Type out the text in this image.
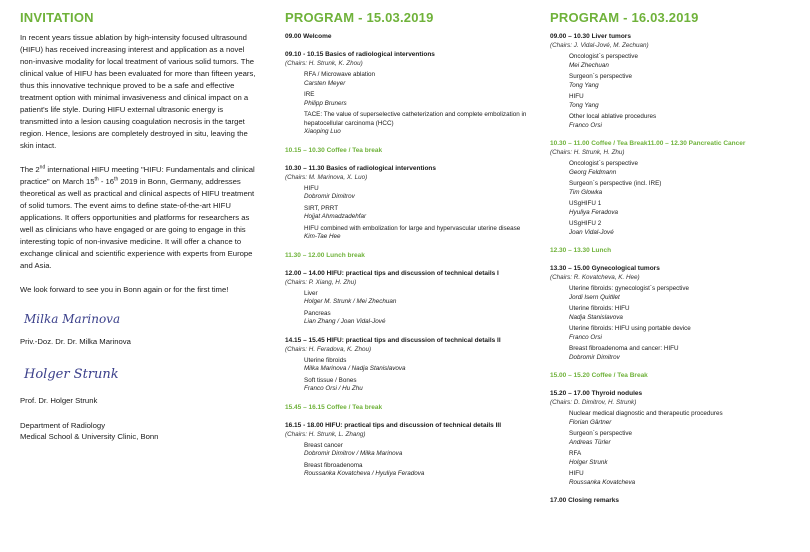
INVITATION

In recent years tissue ablation by high-intensity focused ultrasound (HIFU) has received increasing interest and application as a novel non-invasive modality for local treatment of various solid tumors. The clinical value of HIFU has been evaluated for more than fifteen years, thus this innovative technique proved to be a safe and effective treatment option with minimal invasiveness and clinical impact on a patient's life style. During HIFU external ultrasonic energy is transmitted into a lesion causing coagulation necrosis in the target region. Hence, lesions are completely destroyed in situ, leaving the skin intact.

The 2nd international HIFU meeting "HIFU: Fundamentals and clinical practice" on March 15th - 16th 2019 in Bonn, Germany, addresses theoretical as well as practical and clinical aspects of HIFU treatment of solid tumors. The event aims to define state-of-the-art HIFU applications. It offers opportunities and platforms for researchers as well as clinicians who have engaged or are going to engage in this interesting topic of non-invasive medicine. It will offer a chance to exchange clinical and scientific experience with experts from Europe and Asia.

We look forward to see you in Bonn again or for the first time!

Milka Marinova
Priv.-Doz. Dr. Dr. Milka Marinova
Holger Strunk
Prof. Dr. Holger Strunk
Department of Radiology
Medical School & University Clinic, Bonn
PROGRAM - 15.03.2019
09.00 Welcome
09.10 - 10.15 Basics of radiological interventions
(Chairs: H. Strunk, K. Zhou)
RFA / Microwave ablation
Carsten Meyer
IRE
Philipp Bruners
TACE: The value of superselective catheterization and complete embolization in hepatocellular carcinoma (HCC)
Xiaoping Luo
10.15 – 10.30 Coffee / Tea break
10.30 – 11.30 Basics of radiological interventions
(Chairs: M. Marinova, X. Luo)
HIFU
Dobromir Dimitrov
SIRT, PRRT
Hojjat Ahmadzadehfar
HIFU combined with embolization for large and hypervascular uterine disease
Kim-Tae Hee
11.30 – 12.00 Lunch break
12.00 – 14.00 HIFU: practical tips and discussion of technical details I
(Chairs: P. Xiang, H. Zhu)
Liver
Holger M. Strunk / Mei Zhechuan
Pancreas
Lian Zhang / Joan Vidal-Jové
14.15 – 15.45 HIFU: practical tips and discussion of technical details II
(Chairs: H. Feradova, K. Zhou)
Uterine fibroids
Milka Marinova / Nadja Stanislavova
Soft tissue / Bones
Franco Orsi / Hu Zhu
15.45 – 16.15 Coffee / Tea break
16.15 - 18.00 HIFU: practical tips and discussion of technical details III
(Chairs: H. Strunk, L. Zhang)
Breast cancer
Dobromir Dimitrov / Milka Marinova
Breast fibroadenoma
Roussanka Kovatcheva / Hyuliya Feradova
PROGRAM - 16.03.2019
09.00 – 10.30 Liver tumors
(Chairs: J. Vidal-Jové, M. Zechuan)
Oncologist`s perspective
Mei Zhechuan
Surgeon`s perspective
Tong Yang
HIFU
Tong Yang
Other local ablative procedures
Franco Orsi
10.30 – 11.00 Coffee / Tea Break11.00 – 12.30 Pancreatic Cancer
(Chairs: H. Strunk, H. Zhu)
Oncologist`s perspective
Georg Feldmann
Surgeon`s perspective (incl. IRE)
Tim Glowka
USgHIFU 1
Hyuliya Feradova
USgHIFU 2
Joan Vidal-Jové
12.30 – 13.30 Lunch
13.30 – 15.00 Gynecological tumors
(Chairs: R. Kovatcheva, K. Hee)
Uterine fibroids: gynecologist`s perspective
Jordi Isern Quitllet
Uterine fibroids: HIFU
Nadja Stanislavova
Uterine fibroids: HIFU using portable device
Franco Orsi
Breast fibroadenoma and cancer: HIFU
Dobromir Dimitrov
15.00 – 15.20 Coffee / Tea Break
15.20 – 17.00 Thyroid nodules
(Chairs: D. Dimitrov, H. Strunk)
Nuclear medical diagnostic and therapeutic procedures
Florian Gärtner
Surgeon`s perspective
Andreas Türler
RFA
Holger Strunk
HIFU
Roussanka Kovatcheva
17.00 Closing remarks
